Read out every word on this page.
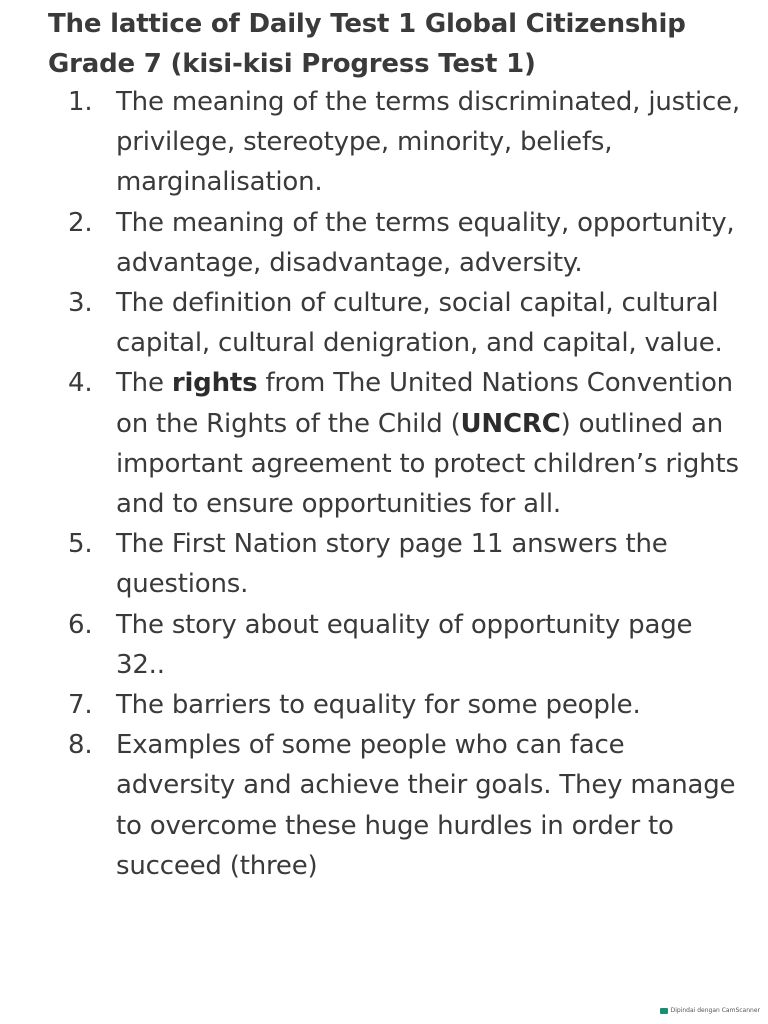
The lattice of Daily Test 1 Global Citizenship
Grade 7 (kisi-kisi Progress Test 1)
1. The meaning of the terms discriminated, justice, privilege, stereotype, minority, beliefs, marginalisation.
2. The meaning of the terms equality, opportunity, advantage, disadvantage, adversity.
3. The definition of culture, social capital, cultural capital, cultural denigration, and capital, value.
4. The rights from The United Nations Convention on the Rights of the Child (UNCRC) outlined an important agreement to protect children’s rights and to ensure opportunities for all.
5. The First Nation story page 11 answers the questions.
6. The story about equality of opportunity page 32..
7. The barriers to equality for some people.
8. Examples of some people who can face adversity and achieve their goals. They manage to overcome these huge hurdles in order to succeed (three)
Dipindai dengan CamScanner
